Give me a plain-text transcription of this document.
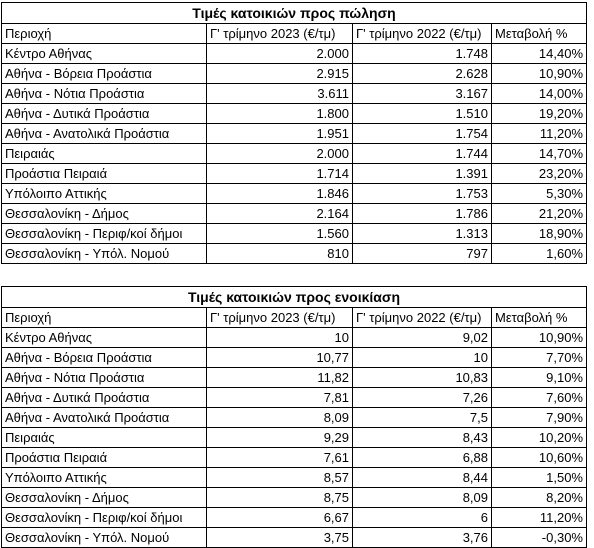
Τιμές κατοικιών προς πώληση			
Περιοχή	Γ' τρίμηνο 2023 (€/τμ)	Γ' τρίμηνο 2022 (€/τμ)	Μεταβολή %
Κέντρο Αθήνας	2.000	1.748	14,40%
Αθήνα - Βόρεια Προάστια	2.915	2.628	10,90%
Αθήνα - Νότια Προάστια	3.611	3.167	14,00%
Αθήνα - Δυτικά Προάστια	1.800	1.510	19,20%
Αθήνα - Ανατολικά Προάστια	1.951	1.754	11,20%
Πειραιάς	2.000	1.744	14,70%
Προάστια Πειραιά	1.714	1.391	23,20%
Υπόλοιπο Αττικής	1.846	1.753	5,30%
Θεσσαλονίκη - Δήμος	2.164	1.786	21,20%
Θεσσαλονίκη - Περιφ/κοί δήμοι	1.560	1.313	18,90%
Θεσσαλονίκη - Υπόλ. Νομού	810	797	1,60%

Τιμές κατοικιών προς ενοικίαση			
Περιοχή	Γ' τρίμηνο 2023 (€/τμ)	Γ' τρίμηνο 2022 (€/τμ)	Μεταβολή %
Κέντρο Αθήνας	10	9,02	10,90%
Αθήνα - Βόρεια Προάστια	10,77	10	7,70%
Αθήνα - Νότια Προάστια	11,82	10,83	9,10%
Αθήνα - Δυτικά Προάστια	7,81	7,26	7,60%
Αθήνα - Ανατολικά Προάστια	8,09	7,5	7,90%
Πειραιάς	9,29	8,43	10,20%
Προάστια Πειραιά	7,61	6,88	10,60%
Υπόλοιπο Αττικής	8,57	8,44	1,50%
Θεσσαλονίκη - Δήμος	8,75	8,09	8,20%
Θεσσαλονίκη - Περιφ/κοί δήμοι	6,67	6	11,20%
Θεσσαλονίκη - Υπόλ. Νομού	3,75	3,76	-0,30%
